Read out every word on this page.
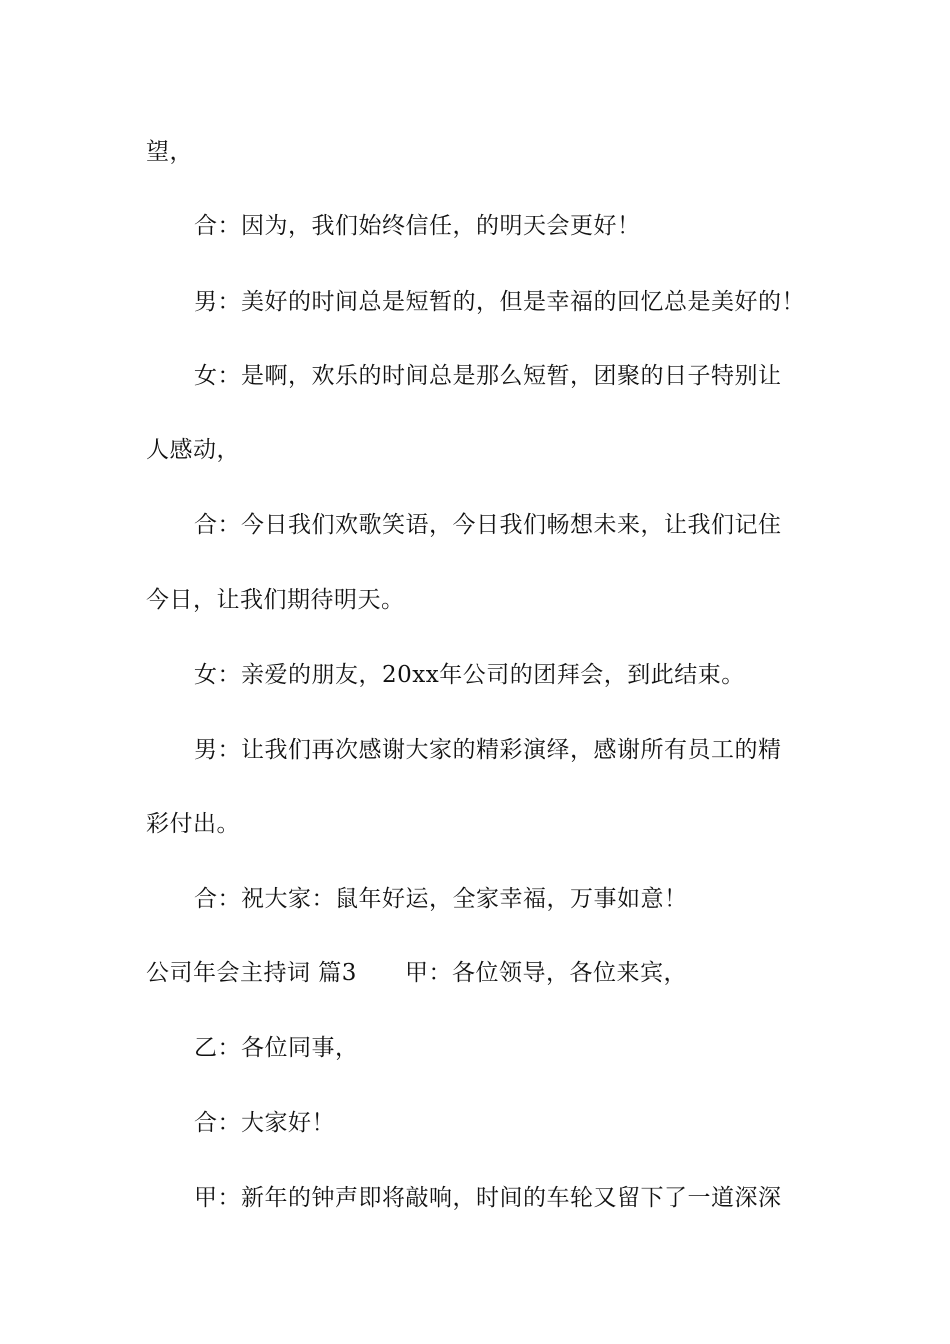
望，
合：因为，我们始终信任，的明天会更好！
男：美好的时间总是短暂的，但是幸福的回忆总是美好的！
女：是啊，欢乐的时间总是那么短暂，团聚的日子特别让
人感动，
合：今日我们欢歌笑语，今日我们畅想未来，让我们记住
今日，让我们期待明天。
女：亲爱的朋友，20xx年公司的团拜会，到此结束。
男：让我们再次感谢大家的精彩演绎，感谢所有员工的精
彩付出。
合：祝大家：鼠年好运，全家幸福，万事如意！
公司年会主持词 篇3 甲：各位领导，各位来宾，
乙：各位同事，
合：大家好！
甲：新年的钟声即将敲响，时间的车轮又留下了一道深深
